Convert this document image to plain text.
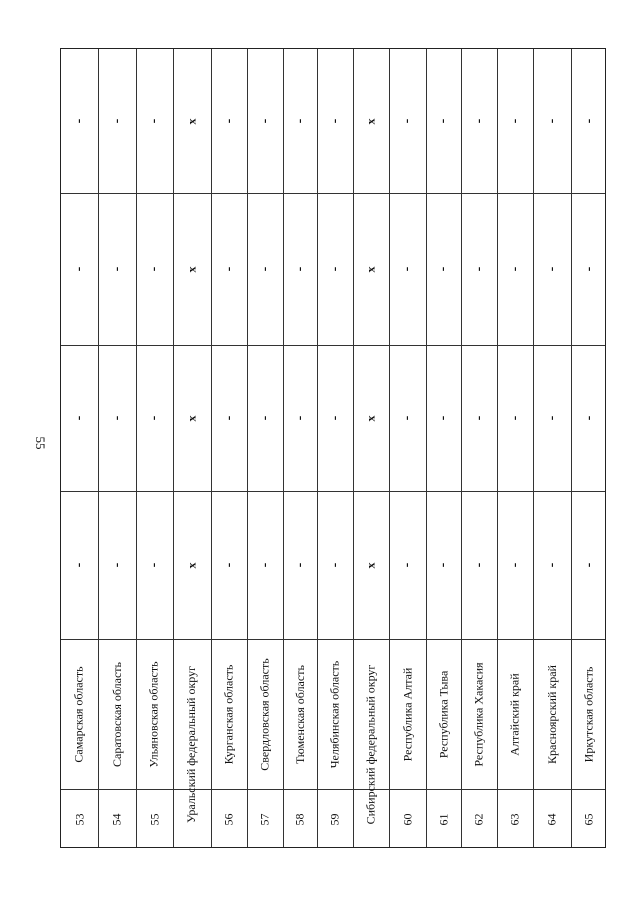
55
-
-
-
-
Самарская область
53
-
-
-
-
Саратовская область
54
-
-
-
-
Ульяновская область
55
x
x
x
x
Уральский федеральный округ
-
-
-
-
Курганская область
56
-
-
-
-
Свердловская область
57
-
-
-
-
Тюменская область
58
-
-
-
-
Челябинская область
59
x
x
x
x
Сибирский федеральный округ
-
-
-
-
Республика Алтай
60
-
-
-
-
Республика Тыва
61
-
-
-
-
Республика Хакасия
62
-
-
-
-
Алтайский край
63
-
-
-
-
Красноярский край
64
-
-
-
-
Иркутская область
65
